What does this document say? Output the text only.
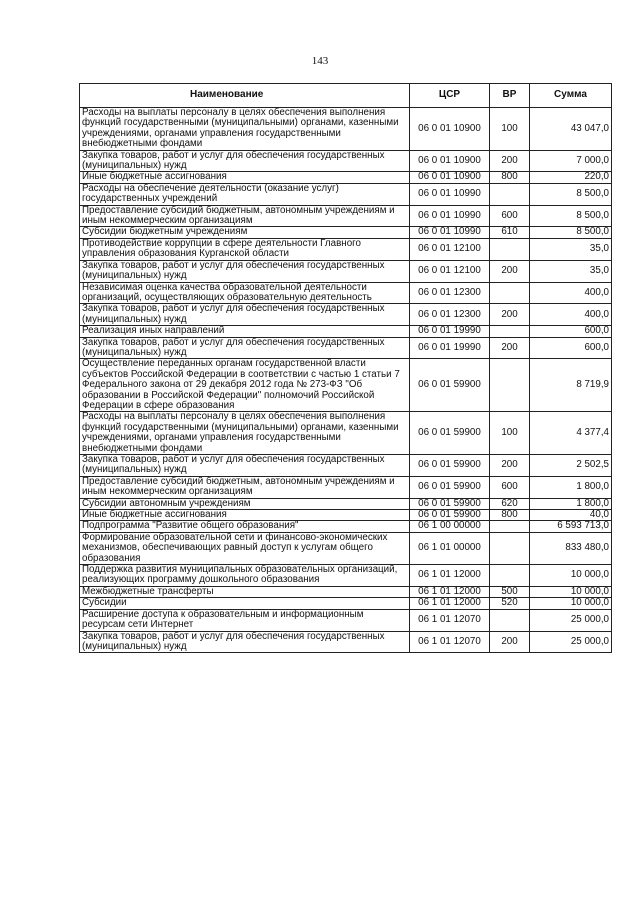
143
Наименование	ЦСР	ВР	Сумма
Расходы на выплаты персоналу в целях обеспечения выполнения функций государственными (муниципальными) органами, казенными учреждениями, органами управления государственными внебюджетными фондами	06 0 01 10900	100	43 047,0
Закупка товаров, работ и услуг для обеспечения государственных (муниципальных) нужд	06 0 01 10900	200	7 000,0
Иные бюджетные ассигнования	06 0 01 10900	800	220,0
Расходы на обеспечение деятельности (оказание услуг) государственных учреждений	06 0 01 10990		8 500,0
Предоставление субсидий бюджетным, автономным учреждениям и иным некоммерческим организациям	06 0 01 10990	600	8 500,0
Субсидии бюджетным учреждениям	06 0 01 10990	610	8 500,0
Противодействие коррупции в сфере деятельности Главного управления образования Курганской области	06 0 01 12100		35,0
Закупка товаров, работ и услуг для обеспечения государственных (муниципальных) нужд	06 0 01 12100	200	35,0
Независимая оценка качества образовательной деятельности организаций, осуществляющих образовательную деятельность	06 0 01 12300		400,0
Закупка товаров, работ и услуг для обеспечения государственных (муниципальных) нужд	06 0 01 12300	200	400,0
Реализация иных направлений	06 0 01 19990		600,0
Закупка товаров, работ и услуг для обеспечения государственных (муниципальных) нужд	06 0 01 19990	200	600,0
Осуществление переданных органам государственной власти субъектов Российской Федерации в соответствии с частью 1 статьи 7 Федерального закона от 29 декабря 2012 года № 273-ФЗ "Об образовании в Российской Федерации" полномочий Российской Федерации в сфере образования	06 0 01 59900		8 719,9
Расходы на выплаты персоналу в целях обеспечения выполнения функций государственными (муниципальными) органами, казенными учреждениями, органами управления государственными внебюджетными фондами	06 0 01 59900	100	4 377,4
Закупка товаров, работ и услуг для обеспечения государственных (муниципальных) нужд	06 0 01 59900	200	2 502,5
Предоставление субсидий бюджетным, автономным учреждениям и иным некоммерческим организациям	06 0 01 59900	600	1 800,0
Субсидии автономным учреждениям	06 0 01 59900	620	1 800,0
Иные бюджетные ассигнования	06 0 01 59900	800	40,0
Подпрограмма "Развитие общего образования"	06 1 00 00000		6 593 713,0
Формирование образовательной сети и финансово-экономических механизмов, обеспечивающих равный доступ к услугам общего образования	06 1 01 00000		833 480,0
Поддержка развития муниципальных образовательных организаций, реализующих программу дошкольного образования	06 1 01 12000		10 000,0
Межбюджетные трансферты	06 1 01 12000	500	10 000,0
Субсидии	06 1 01 12000	520	10 000,0
Расширение доступа к образовательным и информационным ресурсам сети Интернет	06 1 01 12070		25 000,0
Закупка товаров, работ и услуг для обеспечения государственных (муниципальных) нужд	06 1 01 12070	200	25 000,0
